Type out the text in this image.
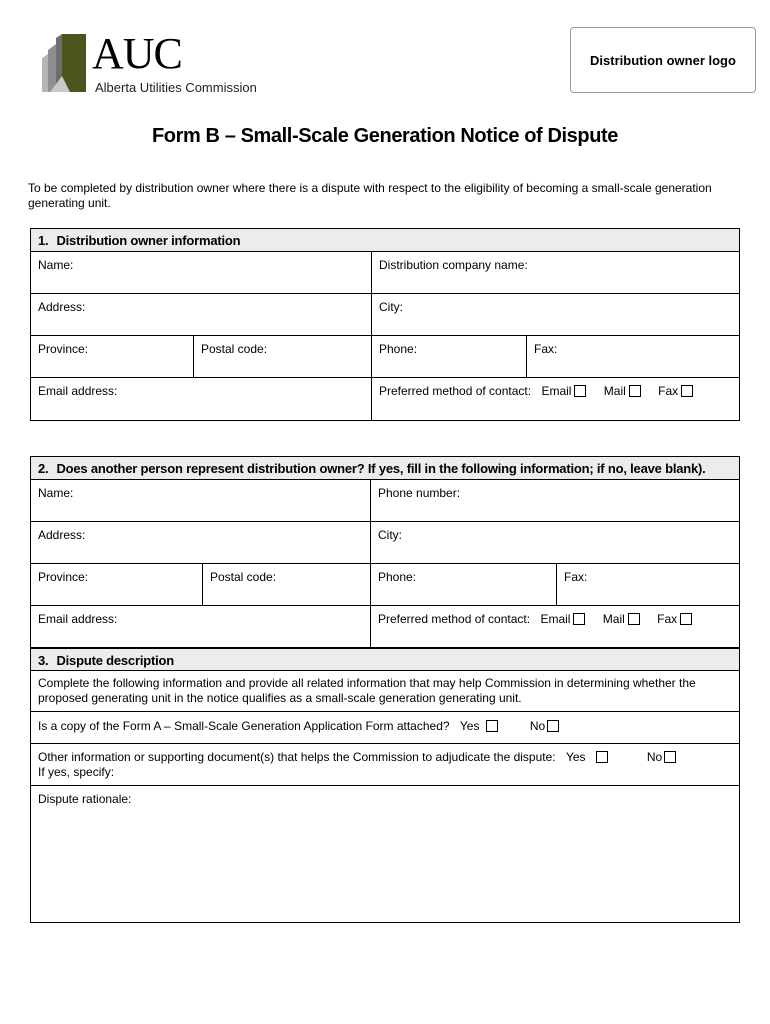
AUC
Alberta Utilities Commission
Distribution owner logo
Form B – Small-Scale Generation Notice of Dispute
To be completed by distribution owner where there is a dispute with respect to the eligibility of becoming a small-scale generation generating unit.
1. Distribution owner information
Name:	Distribution company name:
Address:	City:
Province:	Postal code:	Phone:	Fax:
Email address:	Preferred method of contact: Email	Mail	Fax
2. Does another person represent distribution owner? If yes, fill in the following information; if no, leave blank).
Name:	Phone number:
Address:	City:
Province:	Postal code:	Phone:	Fax:
Email address:	Preferred method of contact: Email	Mail	Fax
3. Dispute description
Complete the following information and provide all related information that may help Commission in determining whether the proposed generating unit in the notice qualifies as a small-scale generation generating unit.
Is a copy of the Form A – Small-Scale Generation Application Form attached? Yes	No
Other information or supporting document(s) that helps the Commission to adjudicate the dispute: Yes	No
If yes, specify:
Dispute rationale:
